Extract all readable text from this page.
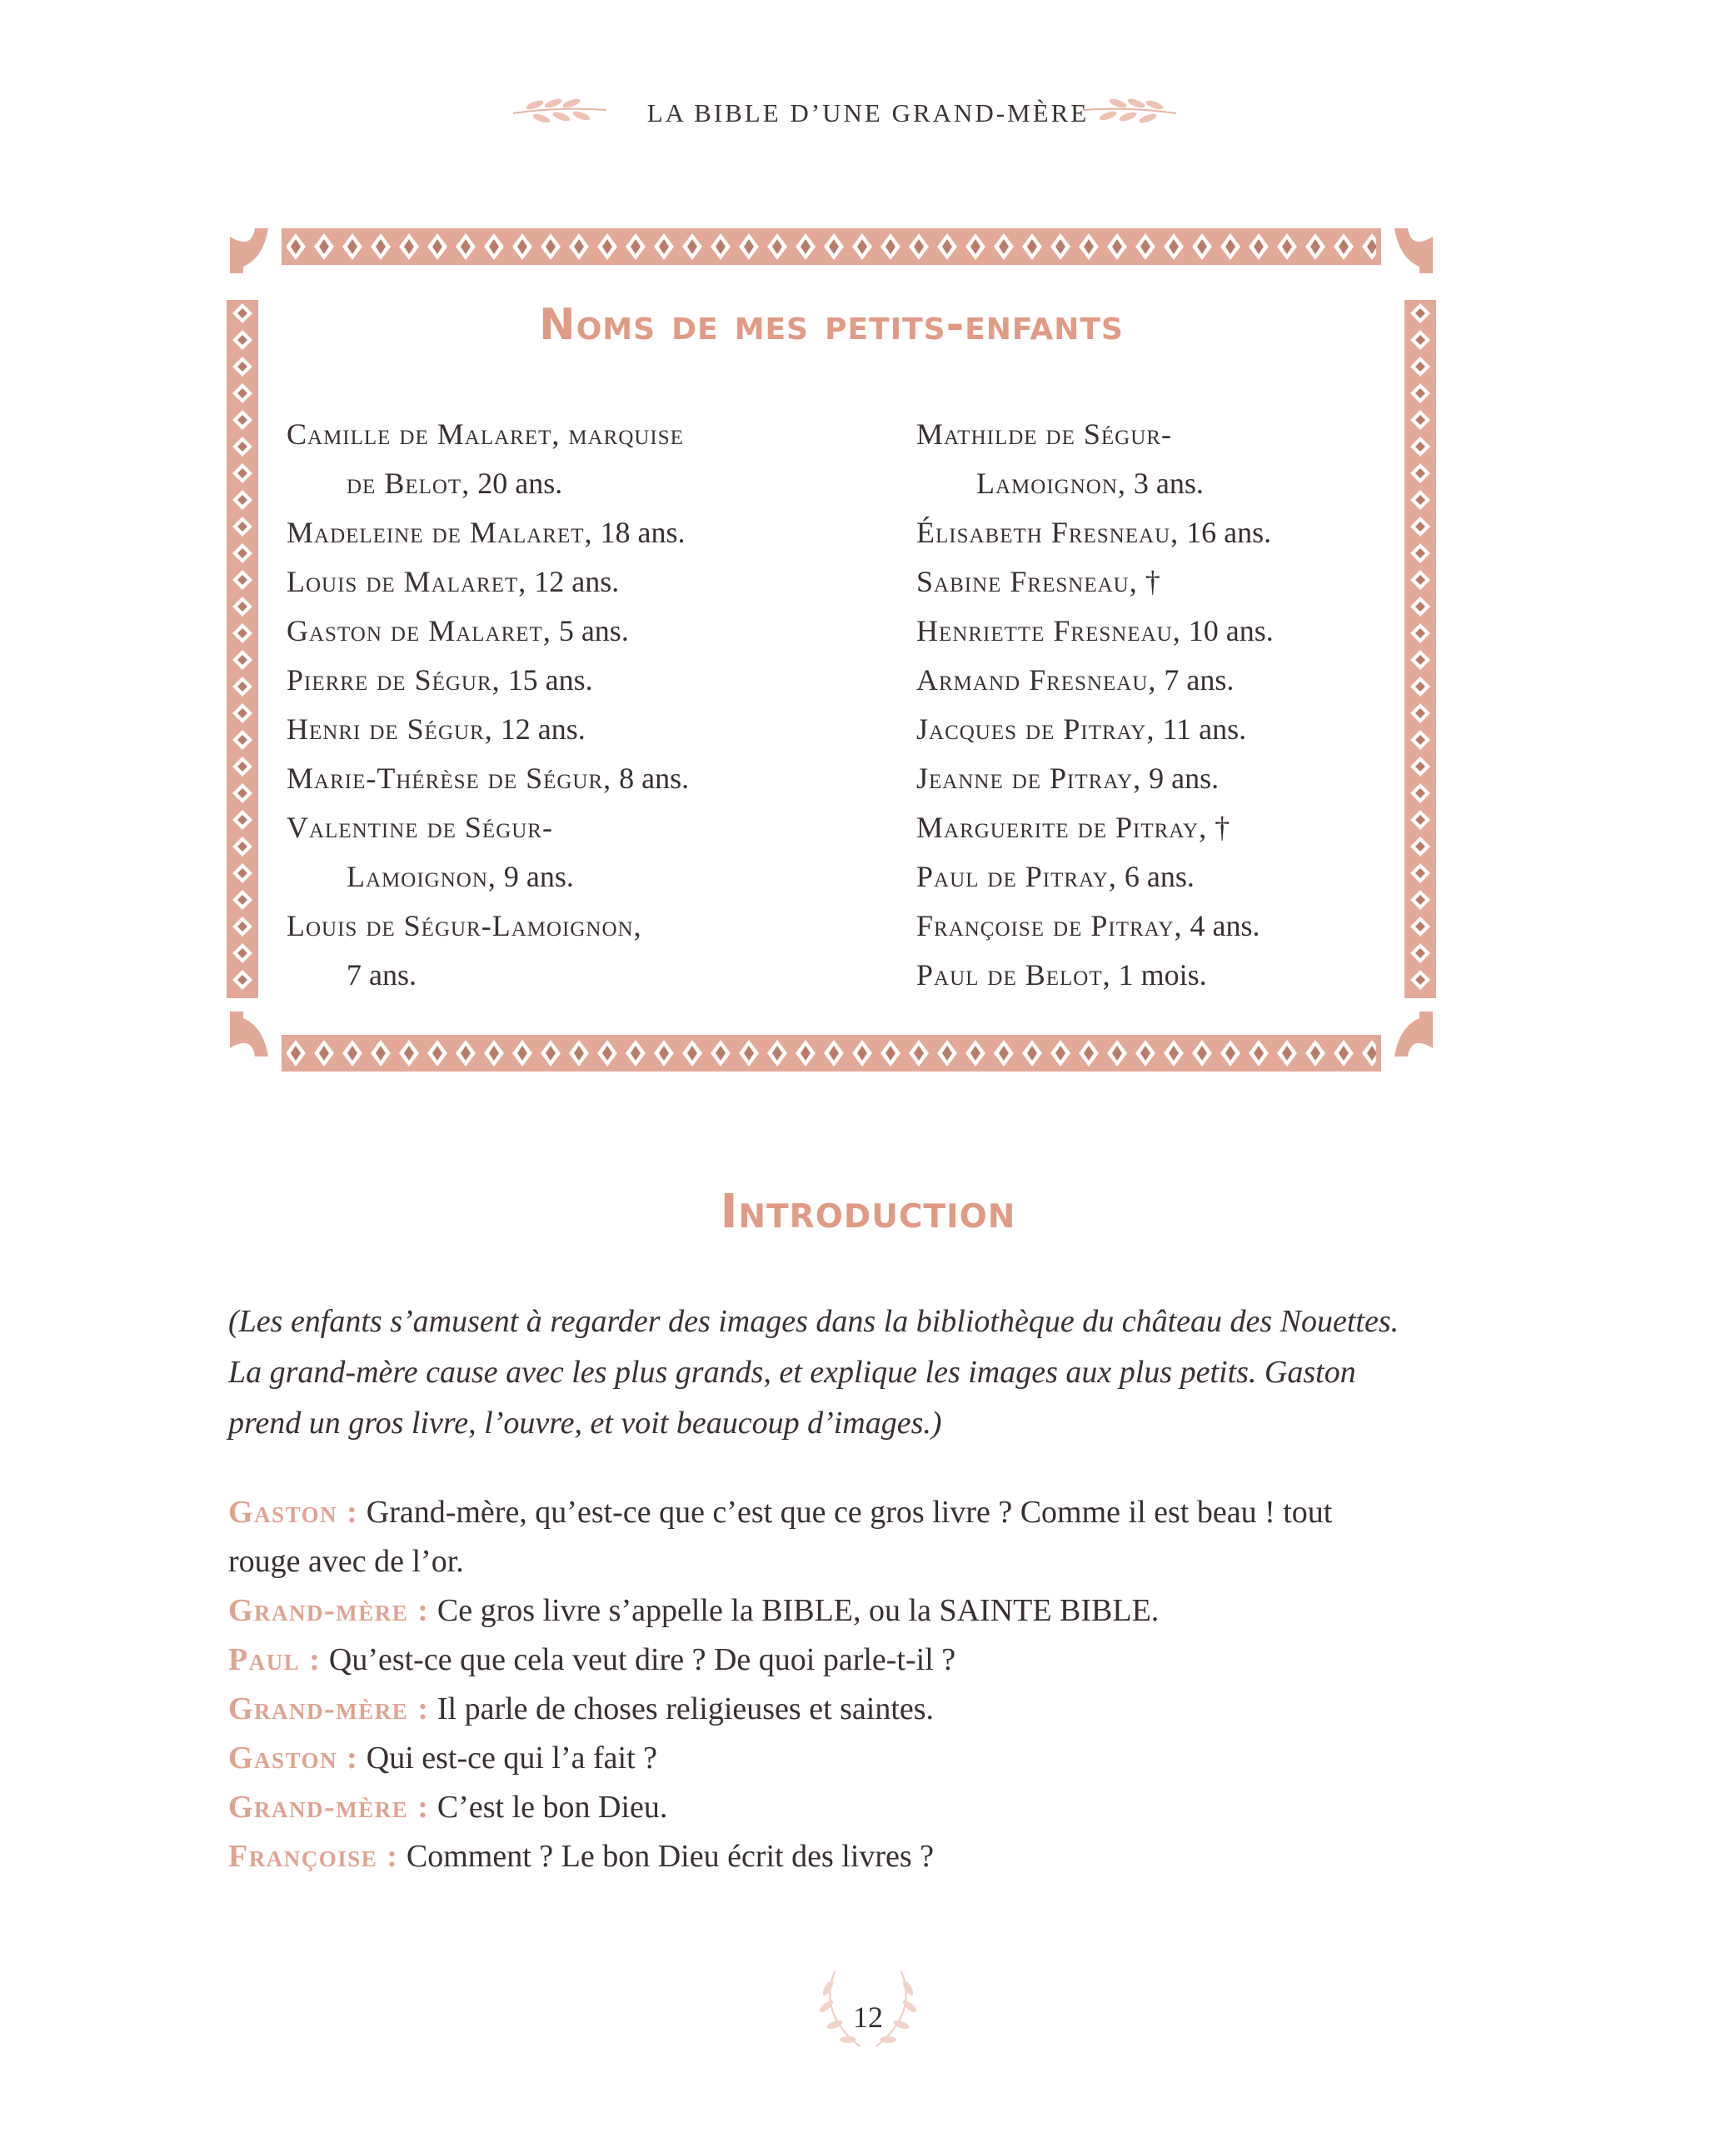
LA BIBLE D’UNE GRAND-MÈRE
Noms de mes petits-enfants
Camille de Malaret, marquise
de Belot, 20 ans.
Madeleine de Malaret, 18 ans.
Louis de Malaret, 12 ans.
Gaston de Malaret, 5 ans.
Pierre de Ségur, 15 ans.
Henri de Ségur, 12 ans.
Marie-Thérèse de Ségur, 8 ans.
Valentine de Ségur-
Lamoignon, 9 ans.
Louis de Ségur-Lamoignon,
7 ans.
Mathilde de Ségur-
Lamoignon, 3 ans.
Élisabeth Fresneau, 16 ans.
Sabine Fresneau, †
Henriette Fresneau, 10 ans.
Armand Fresneau, 7 ans.
Jacques de Pitray, 11 ans.
Jeanne de Pitray, 9 ans.
Marguerite de Pitray, †
Paul de Pitray, 6 ans.
Françoise de Pitray, 4 ans.
Paul de Belot, 1 mois.
Introduction
(Les enfants s’amusent à regarder des images dans la bibliothèque du château des Nouettes.
La grand-mère cause avec les plus grands, et explique les images aux plus petits. Gaston
prend un gros livre, l’ouvre, et voit beaucoup d’images.)
Gaston : Grand-mère, qu’est-ce que c’est que ce gros livre ? Comme il est beau ! tout
rouge avec de l’or.
Grand-mère : Ce gros livre s’appelle la BIBLE, ou la SAINTE BIBLE.
Paul : Qu’est-ce que cela veut dire ? De quoi parle-t-il ?
Grand-mère : Il parle de choses religieuses et saintes.
Gaston : Qui est-ce qui l’a fait ?
Grand-mère : C’est le bon Dieu.
Françoise : Comment ? Le bon Dieu écrit des livres ?
12
